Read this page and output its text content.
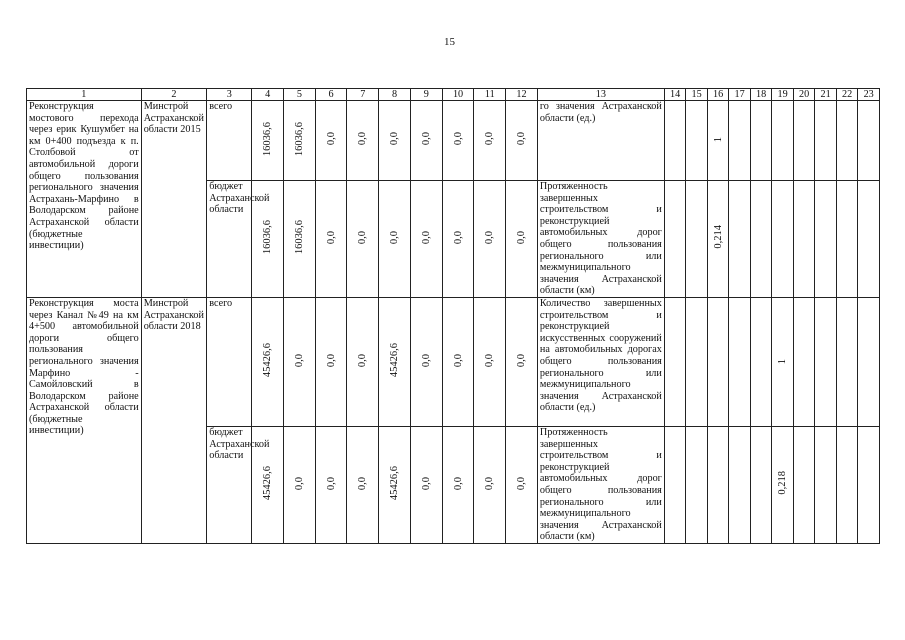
15
1	2	3	4	5	6	7	8	9	10	11	12	13	14	15	16	17	18	19	20	21	22	23
Реконструкция мостового перехода через ерик Кушумбет на км 0+400 подъезда к п. Столбовой от автомобильной дороги общего пользования регионального значения Астрахань-Марфино в Володарском районе Астраханской области (бюджетные инвестиции)	Минстрой Астраханской области 2015	всего	16036,6	16036,6	0,0	0,0	0,0	0,0	0,0	0,0	0,0	го значения Астраханской области (ед.)			1							
		бюджет Астраханской области	16036,6	16036,6	0,0	0,0	0,0	0,0	0,0	0,0	0,0	Протяженность завершенных строительством и реконструкцией автомобильных дорог общего пользования регионального или межмуниципального значения Астраханской области (км)			0,214							
Реконструкция моста через Канал №49 на км 4+500 автомобильной дороги общего пользования регионального значения Марфино - Самойловский в Володарском районе Астраханской области (бюджетные инвестиции)	Минстрой Астраханской области 2018	всего	45426,6	0,0	0,0	0,0	45426,6	0,0	0,0	0,0	0,0	Количество завершенных строительством и реконструкцией искусственных сооружений на автомобильных дорогах общего пользования регионального или межмуниципального значения Астраханской области (ед.)						1				
		бюджет Астраханской области	45426,6	0,0	0,0	0,0	45426,6	0,0	0,0	0,0	0,0	Протяженность завершенных строительством и реконструкцией автомобильных дорог общего пользования регионального или межмуниципального значения Астраханской области (км)						0,218				
